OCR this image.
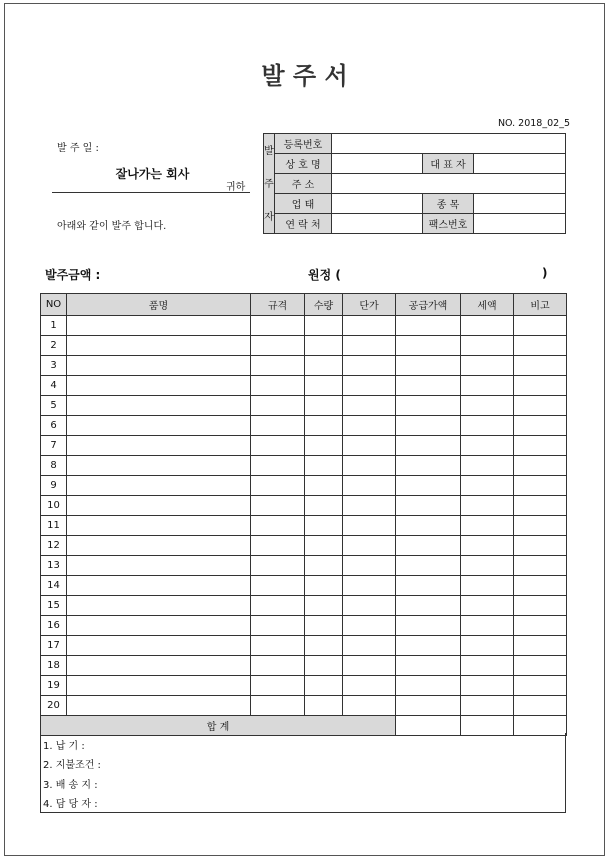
발 주 서
NO. 2018_02_5
발 주 일 :
잘나가는 회사
귀하
아래와 같이 발주 합니다.
발
주
자	등록번호			
	상 호 명		대 표 자	
	주 소			
	업 태		종 목	
	연 락 처		팩스번호	
발주금액 :	원정 (	)
NO	품명	규격	수량	단가	공급가액	세액	비고
1							
2							
3							
4							
5							
6							
7							
8							
9							
10							
11							
12							
13							
14							
15							
16							
17							
18							
19							
20							
합 계							
1. 납 기 :
2. 지불조건 :
3. 배 송 지 :
4. 담 당 자 :
